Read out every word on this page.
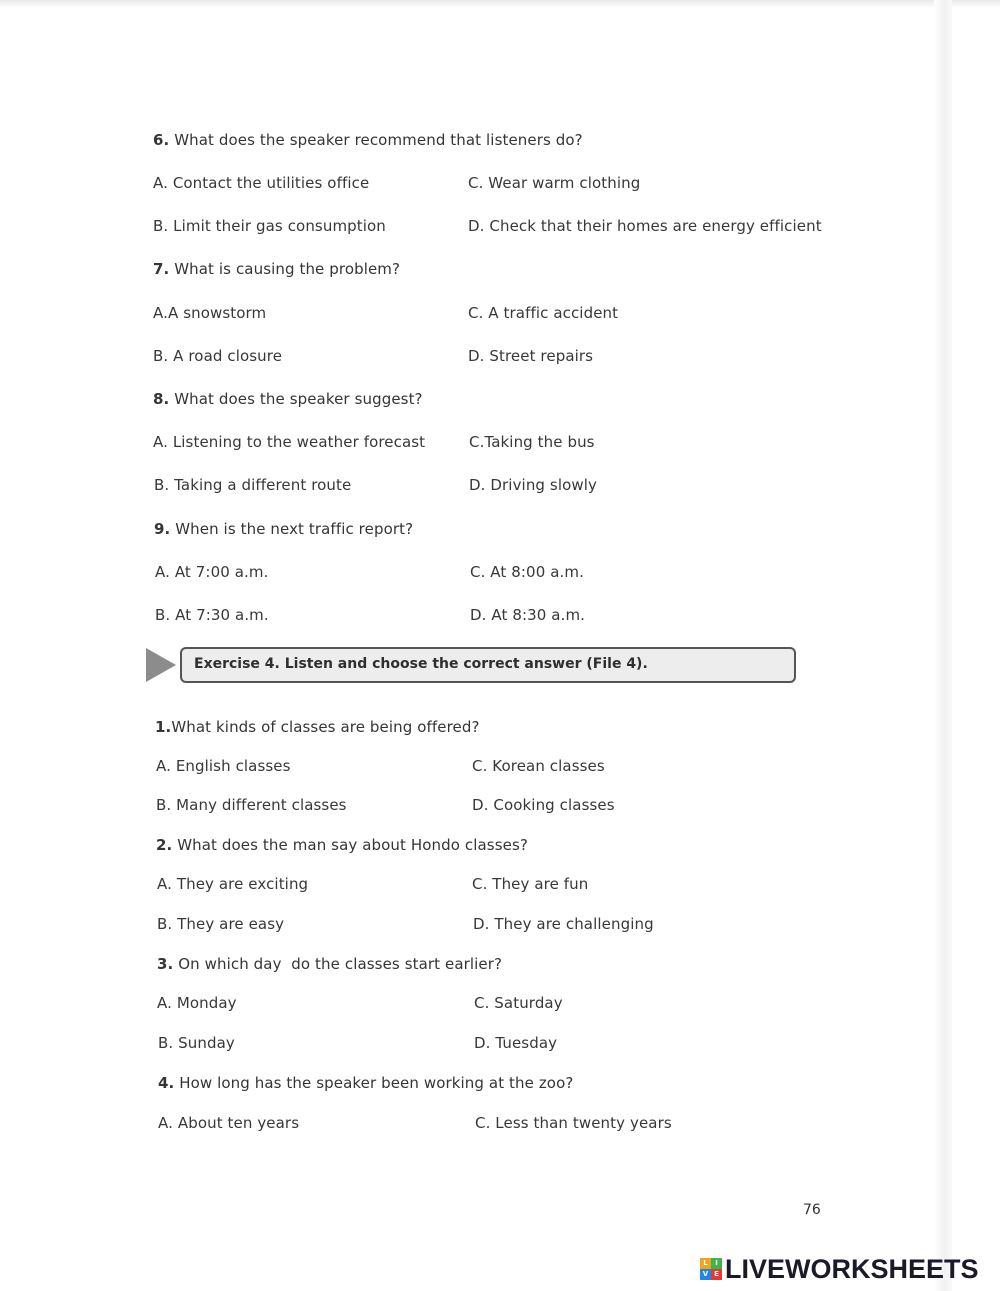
6. What does the speaker recommend that listeners do?
A. Contact the utilities office	C. Wear warm clothing
B. Limit their gas consumption	D. Check that their homes are energy efficient
7. What is causing the problem?
A.A snowstorm	C. A traffic accident
B. A road closure	D. Street repairs
8. What does the speaker suggest?
A. Listening to the weather forecast	C.Taking the bus
B. Taking a different route	D. Driving slowly
9. When is the next traffic report?
A. At 7:00 a.m.	C. At 8:00 a.m.
B. At 7:30 a.m.	D. At 8:30 a.m.
Exercise 4. Listen and choose the correct answer (File 4).
1.What kinds of classes are being offered?
A. English classes	C. Korean classes
B. Many different classes	D. Cooking classes
2. What does the man say about Hondo classes?
A. They are exciting	C. They are fun
B. They are easy	D. They are challenging
3. On which day  do the classes start earlier?
A. Monday	C. Saturday
B. Sunday	D. Tuesday
4. How long has the speaker been working at the zoo?
A. About ten years	C. Less than twenty years
76
L	I
V E LIVEWORKSHEETS
